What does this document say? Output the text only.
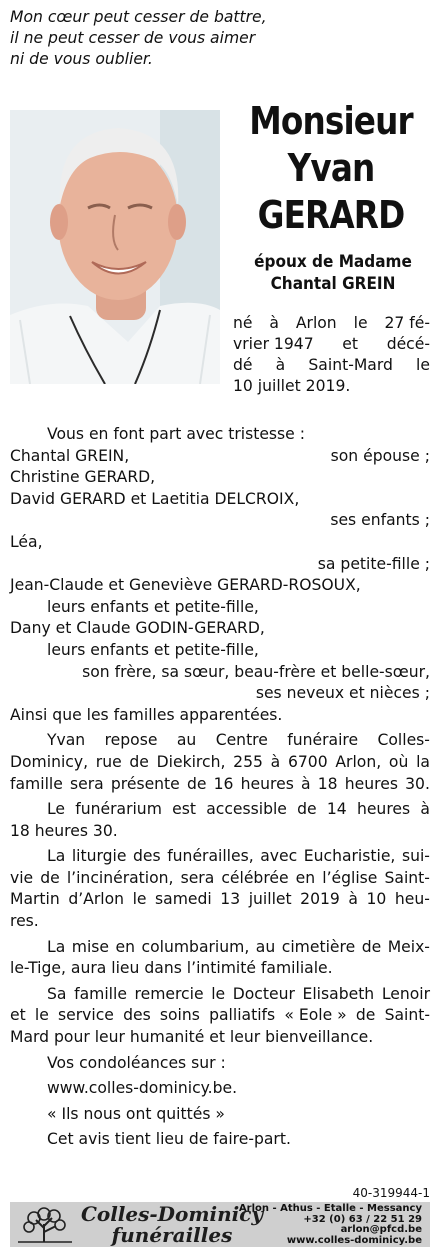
Mon cœur peut cesser de battre,
il ne peut cesser de vous aimer
ni de vous oublier.
Monsieur
Yvan
GERARD
époux de Madame
Chantal GREIN
né à Arlon le 27 fé-
vrier 1947 et décé-
dé à Saint-Mard le
10 juillet 2019.
Vous en font part avec tristesse :
Chantal GREIN,	son épouse ;
Christine GERARD,
David GERARD et Laetitia DELCROIX,
ses enfants ;
Léa,
sa petite-fille ;
Jean-Claude et Geneviève GERARD-ROSOUX,
leurs enfants et petite-fille,
Dany et Claude GODIN-GERARD,
leurs enfants et petite-fille,
son frère, sa sœur, beau-frère et belle-sœur,
ses neveux et nièces ;
Ainsi que les familles apparentées.
Yvan repose au Centre funéraire Colles-
Dominicy, rue de Diekirch, 255 à 6700 Arlon, où la
famille sera présente de 16 heures à 18 heures 30.
Le funérarium est accessible de 14 heures à
18 heures 30.
La liturgie des funérailles, avec Eucharistie, sui-
vie de l’incinération, sera célébrée en l’église Saint-
Martin d’Arlon le samedi 13 juillet 2019 à 10 heu-
res.
La mise en columbarium, au cimetière de Meix-
le-Tige, aura lieu dans l’intimité familiale.
Sa famille remercie le Docteur Elisabeth Lenoir
et le service des soins palliatifs « Eole » de Saint-
Mard pour leur humanité et leur bienveillance.
Vos condoléances sur :
www.colles-dominicy.be.
« Ils nous ont quittés »
Cet avis tient lieu de faire-part.
40-319944-1
Colles-Dominicy
funérailles
Arlon - Athus - Etalle - Messancy
+32 (0) 63 / 22 51 29
arlon@pfcd.be
www.colles-dominicy.be
